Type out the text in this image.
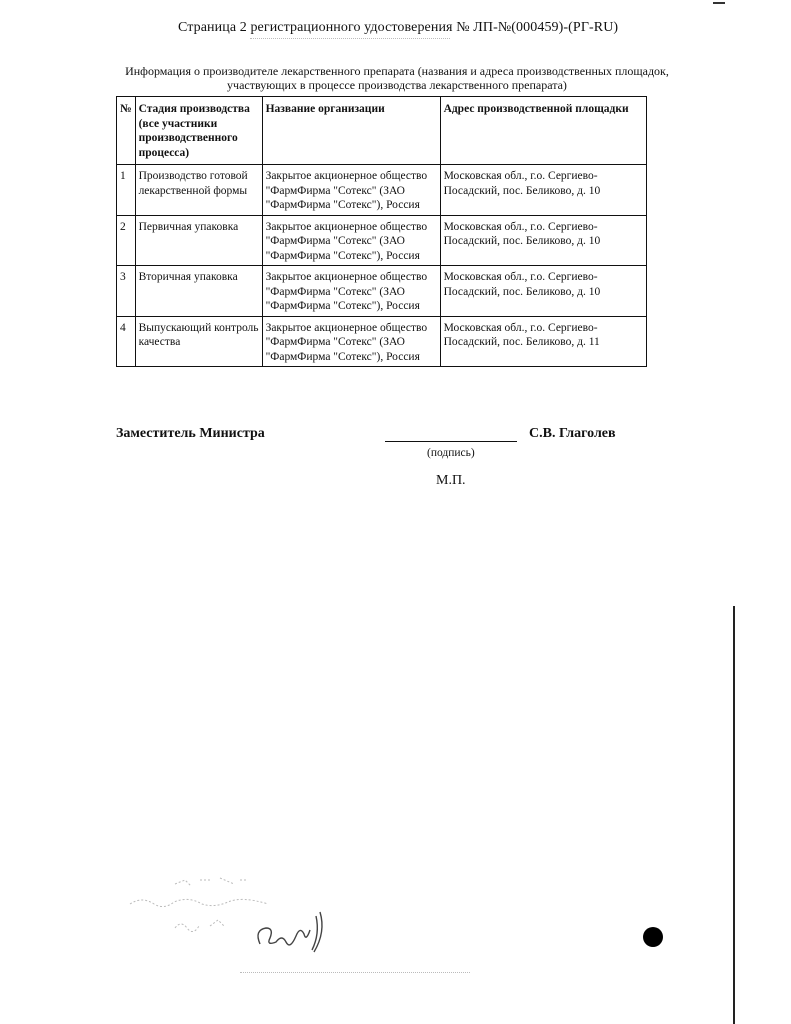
Страница 2 регистрационного удостоверения № ЛП-№(000459)-(РГ-RU)
Информация о производителе лекарственного препарата (названия и адреса производственных площадок, участвующих в процессе производства лекарственного препарата)
№	Стадия производства (все участники производственного процесса)	Название организации	Адрес производственной площадки
1	Производство готовой лекарственной формы	Закрытое акционерное общество "ФармФирма "Сотекс" (ЗАО "ФармФирма "Сотекс"), Россия	Московская обл., г.о. Сергиево-Посадский, пос. Беликово, д. 10
2	Первичная упаковка	Закрытое акционерное общество "ФармФирма "Сотекс" (ЗАО "ФармФирма "Сотекс"), Россия	Московская обл., г.о. Сергиево-Посадский, пос. Беликово, д. 10
3	Вторичная упаковка	Закрытое акционерное общество "ФармФирма "Сотекс" (ЗАО "ФармФирма "Сотекс"), Россия	Московская обл., г.о. Сергиево-Посадский, пос. Беликово, д. 10
4	Выпускающий контроль качества	Закрытое акционерное общество "ФармФирма "Сотекс" (ЗАО "ФармФирма "Сотекс"), Россия	Московская обл., г.о. Сергиево-Посадский, пос. Беликово, д. 11
Заместитель Министра	С.В. Глаголев
(подпись)
М.П.
